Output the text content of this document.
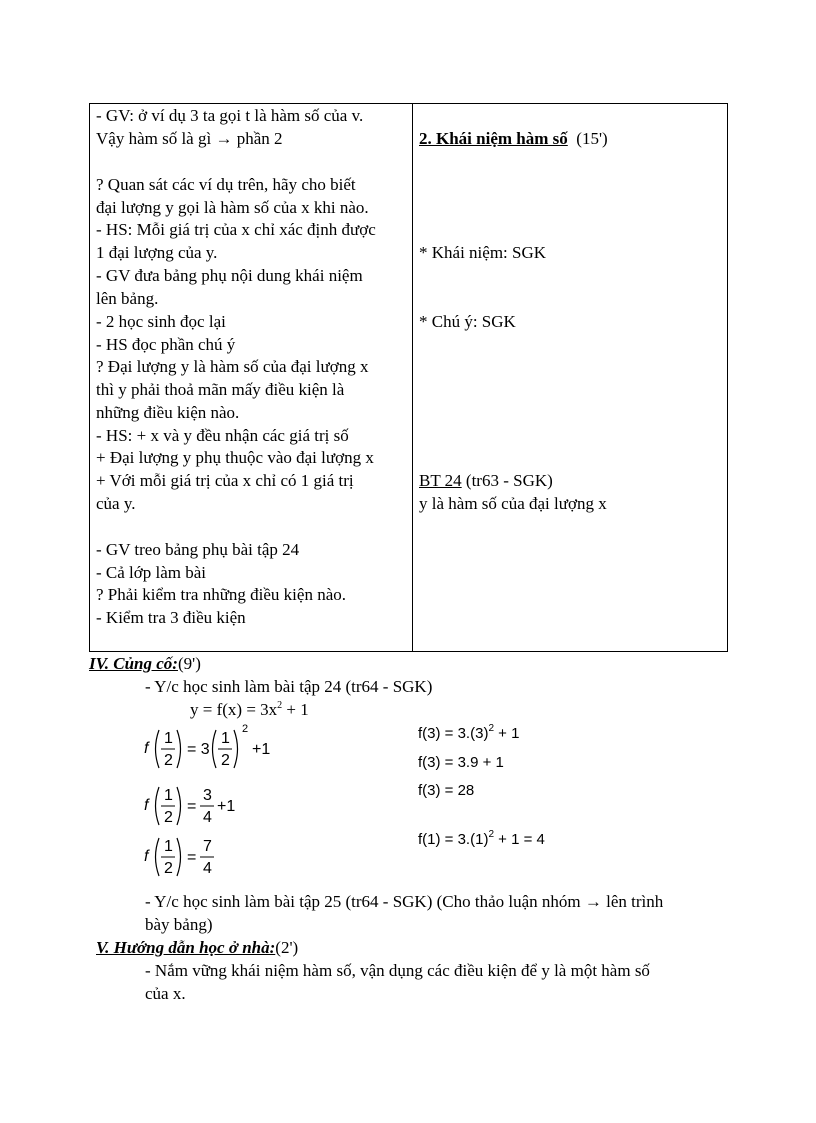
- GV: ở ví dụ 3 ta gọi t là hàm số của v.
Vậy hàm số là gì → phần 2
? Quan sát các ví dụ trên, hãy cho biết
đại lượng y gọi là hàm số của x khi nào.
- HS: Mỗi giá trị của x chỉ xác định được
1 đại lượng của y.
- GV đưa bảng phụ nội dung khái niệm
lên bảng.
- 2 học sinh đọc lại
- HS đọc phần chú ý
? Đại lượng y là hàm số của đại lượng x
thì y phải thoả mãn mấy điều kiện là
những điều kiện nào.
- HS: + x và y đều nhận các giá trị số
+ Đại lượng y phụ thuộc vào đại lượng x
+ Với mỗi giá trị của x chỉ có 1 giá trị
của y.
- GV treo bảng phụ bài tập 24
- Cả lớp làm bài
? Phải kiểm tra những điều kiện nào.
- Kiểm tra 3 điều kiện
2. Khái niệm hàm số (15')
* Khái niệm: SGK
* Chú ý: SGK
BT 24 (tr63 - SGK)
y là hàm số của đại lượng x
IV. Củng cố:(9')
- Y/c học sinh làm bài tập 24 (tr64 - SGK)
$y = f(x) = 3x^2 + 1$
f
1
2
= 3
1
2
2
+1
f
1
2
=
3
4
+1
f
1
2
=
7
4
$f(3) = 3.(3)^2 + 1$
f(3) = 3.9 + 1
f(3) = 28
$f(1) = 3.(1)^2 + 1 = 4$
- Y/c học sinh làm bài tập 25 (tr64 - SGK) (Cho thảo luận nhóm → lên trình
bày bảng)
V. Hướng dẫn học ở nhà:(2')
- Nắm vững khái niệm hàm số, vận dụng các điều kiện để y là một hàm số
của x.
